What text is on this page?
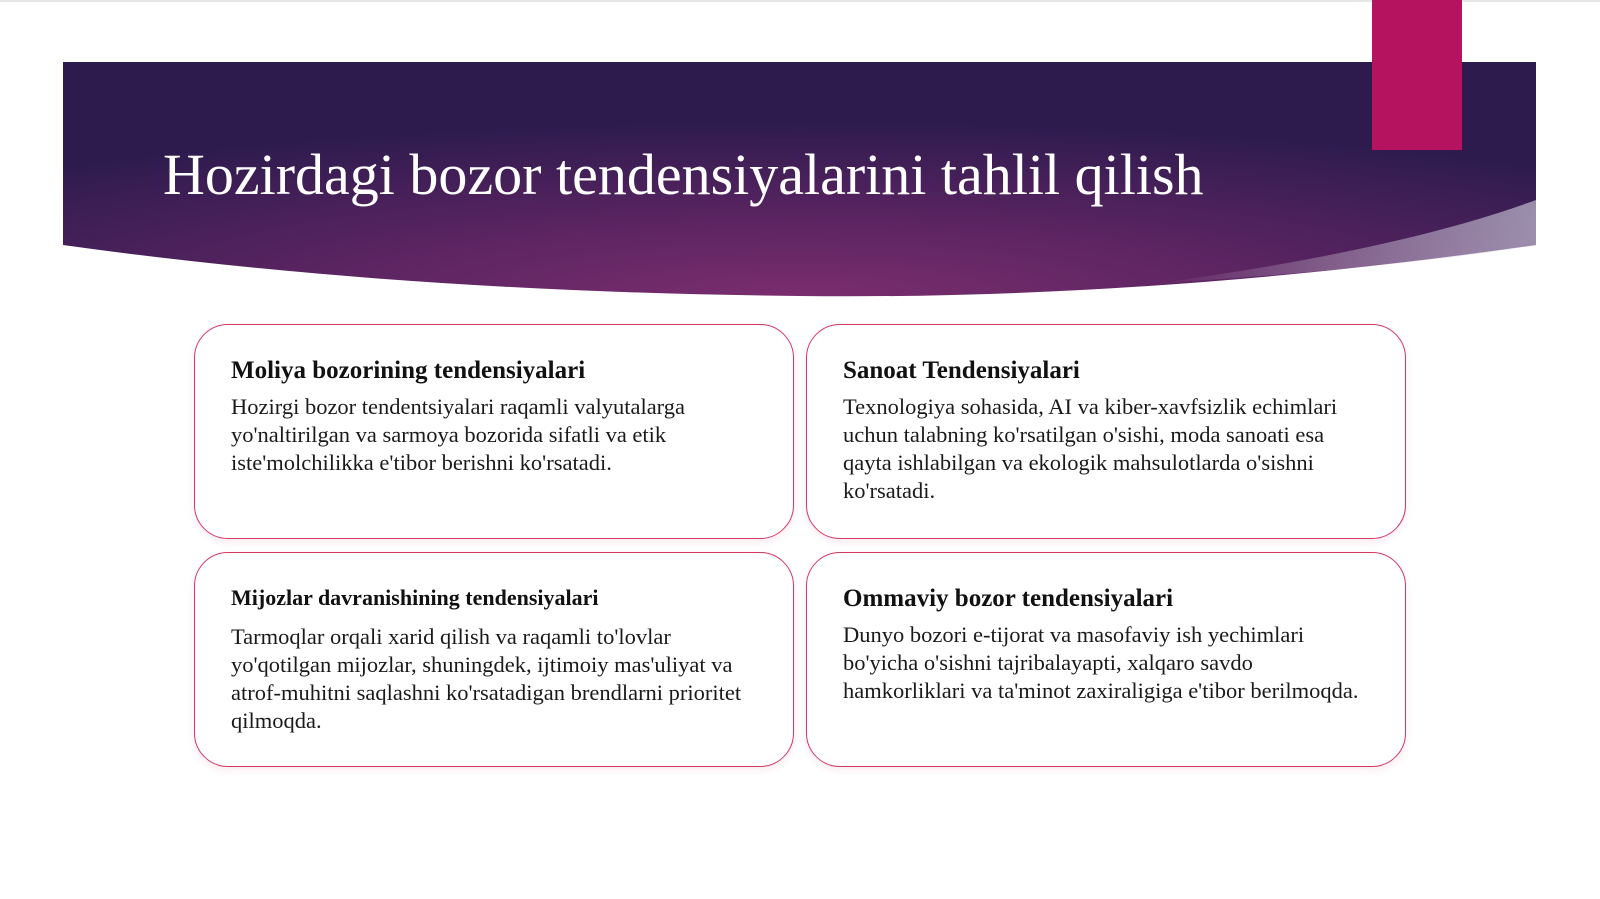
Hozirdagi bozor tendensiyalarini tahlil qilish
Moliya bozorining tendensiyalari

Hozirgi bozor tendentsiyalari raqamli valyutalarga yo'naltirilgan va sarmoya bozorida sifatli va etik iste'molchilikka e'tibor berishni ko'rsatadi.

Sanoat Tendensiyalari

Texnologiya sohasida, AI va kiber-xavfsizlik echimlari uchun talabning ko'rsatilgan o'sishi, moda sanoati esa qayta ishlabilgan va ekologik mahsulotlarda o'sishni ko'rsatadi.

Mijozlar davranishining tendensiyalari

Tarmoqlar orqali xarid qilish va raqamli to'lovlar yo'qotilgan mijozlar, shuningdek, ijtimoiy mas'uliyat va atrof-muhitni saqlashni ko'rsatadigan brendlarni prioritet qilmoqda.

Ommaviy bozor tendensiyalari

Dunyo bozori e-tijorat va masofaviy ish yechimlari bo'yicha o'sishni tajribalayapti, xalqaro savdo hamkorliklari va ta'minot zaxiraligiga e'tibor berilmoqda.
